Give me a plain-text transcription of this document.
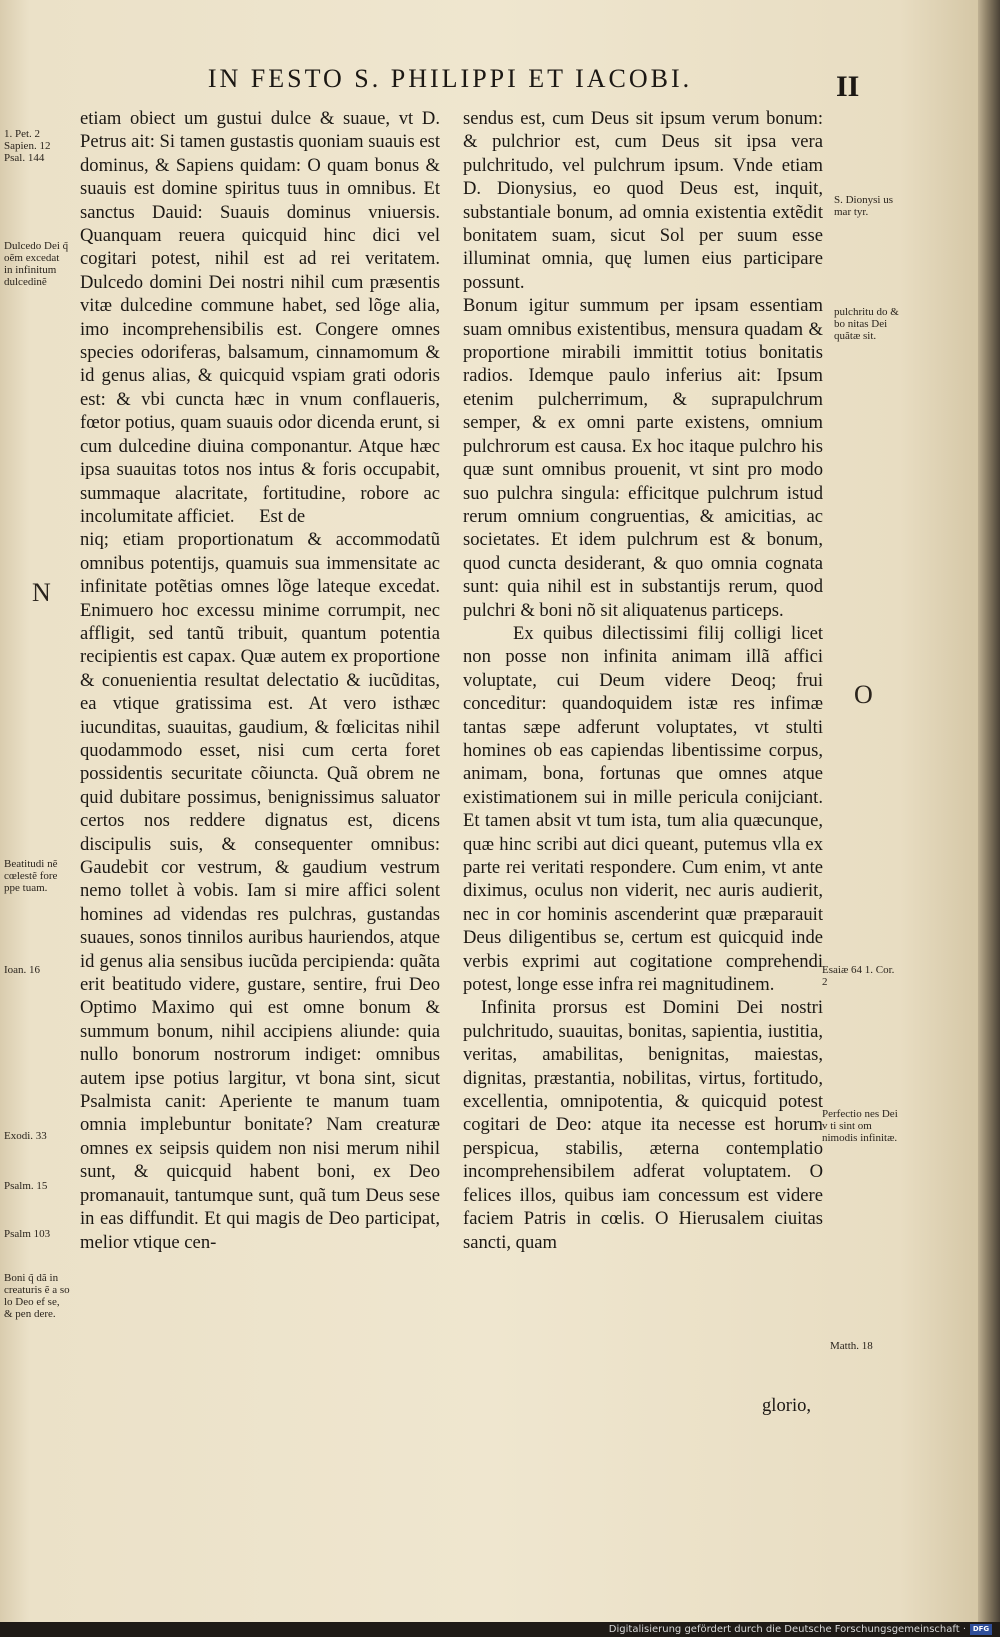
IN FESTO S. PHILIPPI ET IACOBI.	II

etiam obiect um gustui dulce & suaue, vt D. Petrus ait: Si tamen gustastis quoniam suauis est dominus, & Sapiens quidam: O quam bonus & suauis est domine spiritus tuus in omnibus. Et sanctus Dauid: Suauis dominus vniuersis. Quanquam reuera quicquid hinc dici vel cogitari potest, nihil est ad rei veritatem. Dulcedo domini Dei nostri nihil cum præsentis vitæ dulcedine commune habet, sed lõge alia, imo incomprehensibilis est. Congere omnes species odoriferas, balsamum, cinnamomum & id genus alias, & quicquid vspiam grati odoris est: & vbi cuncta hæc in vnum conflaueris, fœtor potius, quam suauis odor dicenda erunt, si cum dulcedine diuina componantur. Atque hæc ipsa suauitas totos nos intus & foris occupabit, summaque alacritate, fortitudine, robore ac incolumitate afficiet. Est de

niq; etiam proportionatum & accommodatũ omnibus potentijs, quamuis sua immensitate ac infinitate potẽtias omnes lõge lateque excedat. Enimuero hoc excessu minime corrumpit, nec affligit, sed tantũ tribuit, quantum potentia recipientis est capax. Quæ autem ex proportione & conuenientia resultat delectatio & iucũditas, ea vtique gratissima est. At vero isthæc iucunditas, suauitas, gaudium, & fœlicitas nihil quodammodo esset, nisi cum certa foret possidentis securitate cõiuncta. Quã obrem ne quid dubitare possimus, benignissimus saluator certos nos reddere dignatus est, dicens discipulis suis, & consequenter omnibus: Gaudebit cor vestrum, & gaudium vestrum nemo tollet à vobis. Iam si mire affici solent homines ad videndas res pulchras, gustandas suaues, sonos tinnilos auribus hauriendos, atque id genus alia sensibus iucũda percipienda: quãta erit beatitudo videre, gustare, sentire, frui Deo Optimo Maximo qui est omne bonum & summum bonum, nihil accipiens aliunde: quia nullo bonorum nostrorum indiget: omnibus autem ipse potius largitur, vt bona sint, sicut Psalmista canit: Aperiente te manum tuam omnia implebuntur bonitate? Nam creaturæ omnes ex seipsis quidem non nisi merum nihil sunt, & quicquid habent boni, ex Deo promanauit, tantumque sunt, quã tum Deus sese in eas diffundit. Et qui magis de Deo participat, melior vtique cen-

sendus est, cum Deus sit ipsum verum bonum: & pulchrior est, cum Deus sit ipsa vera pulchritudo, vel pulchrum ipsum. Vnde etiam D. Dionysius, eo quod Deus est, inquit, substantiale bonum, ad omnia existentia extẽdit bonitatem suam, sicut Sol per suum esse illuminat omnia, quę lumen eius participare possunt.

Bonum igitur summum per ipsam essentiam suam omnibus existentibus, mensura quadam & proportione mirabili immittit totius bonitatis radios. Idemque paulo inferius ait: Ipsum etenim pulcherrimum, & suprapulchrum semper, & ex omni parte existens, omnium pulchrorum est causa. Ex hoc itaque pulchro his quæ sunt omnibus prouenit, vt sint pro modo suo pulchra singula: efficitque pulchrum istud rerum omnium congruentias, & amicitias, ac societates. Et idem pulchrum est & bonum, quod cuncta desiderant, & quo omnia cognata sunt: quia nihil est in substantijs rerum, quod pulchri & boni nõ sit aliquatenus particeps.

Ex quibus dilectissimi filij colligi licet non posse non infinita animam illã affici voluptate, cui Deum videre Deoq; frui conceditur: quandoquidem istæ res infimæ tantas sæpe adferunt voluptates, vt stulti homines ob eas capiendas libentissime corpus, animam, bona, fortunas que omnes atque existimationem sui in mille pericula conijciant. Et tamen absit vt tum ista, tum alia quæcunque, quæ hinc scribi aut dici queant, putemus vlla ex parte rei veritati respondere. Cum enim, vt ante diximus, oculus non viderit, nec auris audierit, nec in cor hominis ascenderint quæ præparauit Deus diligentibus se, certum est quicquid inde verbis exprimi aut cogitatione comprehendi potest, longe esse infra rei magnitudinem.

Infinita prorsus est Domini Dei nostri pulchritudo, suauitas, bonitas, sapientia, iustitia, veritas, amabilitas, benignitas, maiestas, dignitas, præstantia, nobilitas, virtus, fortitudo, excellentia, omnipotentia, & quicquid potest cogitari de Deo: atque ita necesse est horum perspicua, stabilis, æterna contemplatio incomprehensibilem adferat voluptatem. O felices illos, quibus iam concessum est videre faciem Patris in cœlis. O Hierusalem ciuitas sancti, quam

glorio,
1. Pet. 2 Sapien. 12 Psal. 144
Dulcedo Dei q̃ oẽm excedat in infinitum dulcedinẽ
N
Beatitudi nẽ cœlestẽ fore ppe tuam.
Ioan. 16
Exodi. 33
Psalm. 15
Psalm 103
Boni q̃ dã in creaturis ẽ a so lo Deo ef se, & pen dere.
S. Dionysi us mar tyr.
pulchritu do & bo nitas Dei quãtæ sit.
O
Esaiæ 64 1. Cor. 2
Perfectio nes Dei v ti sint om nimodis infinitæ.
Matth. 18
Digitalisierung gefördert durch die Deutsche Forschungsgemeinschaft · DFG
